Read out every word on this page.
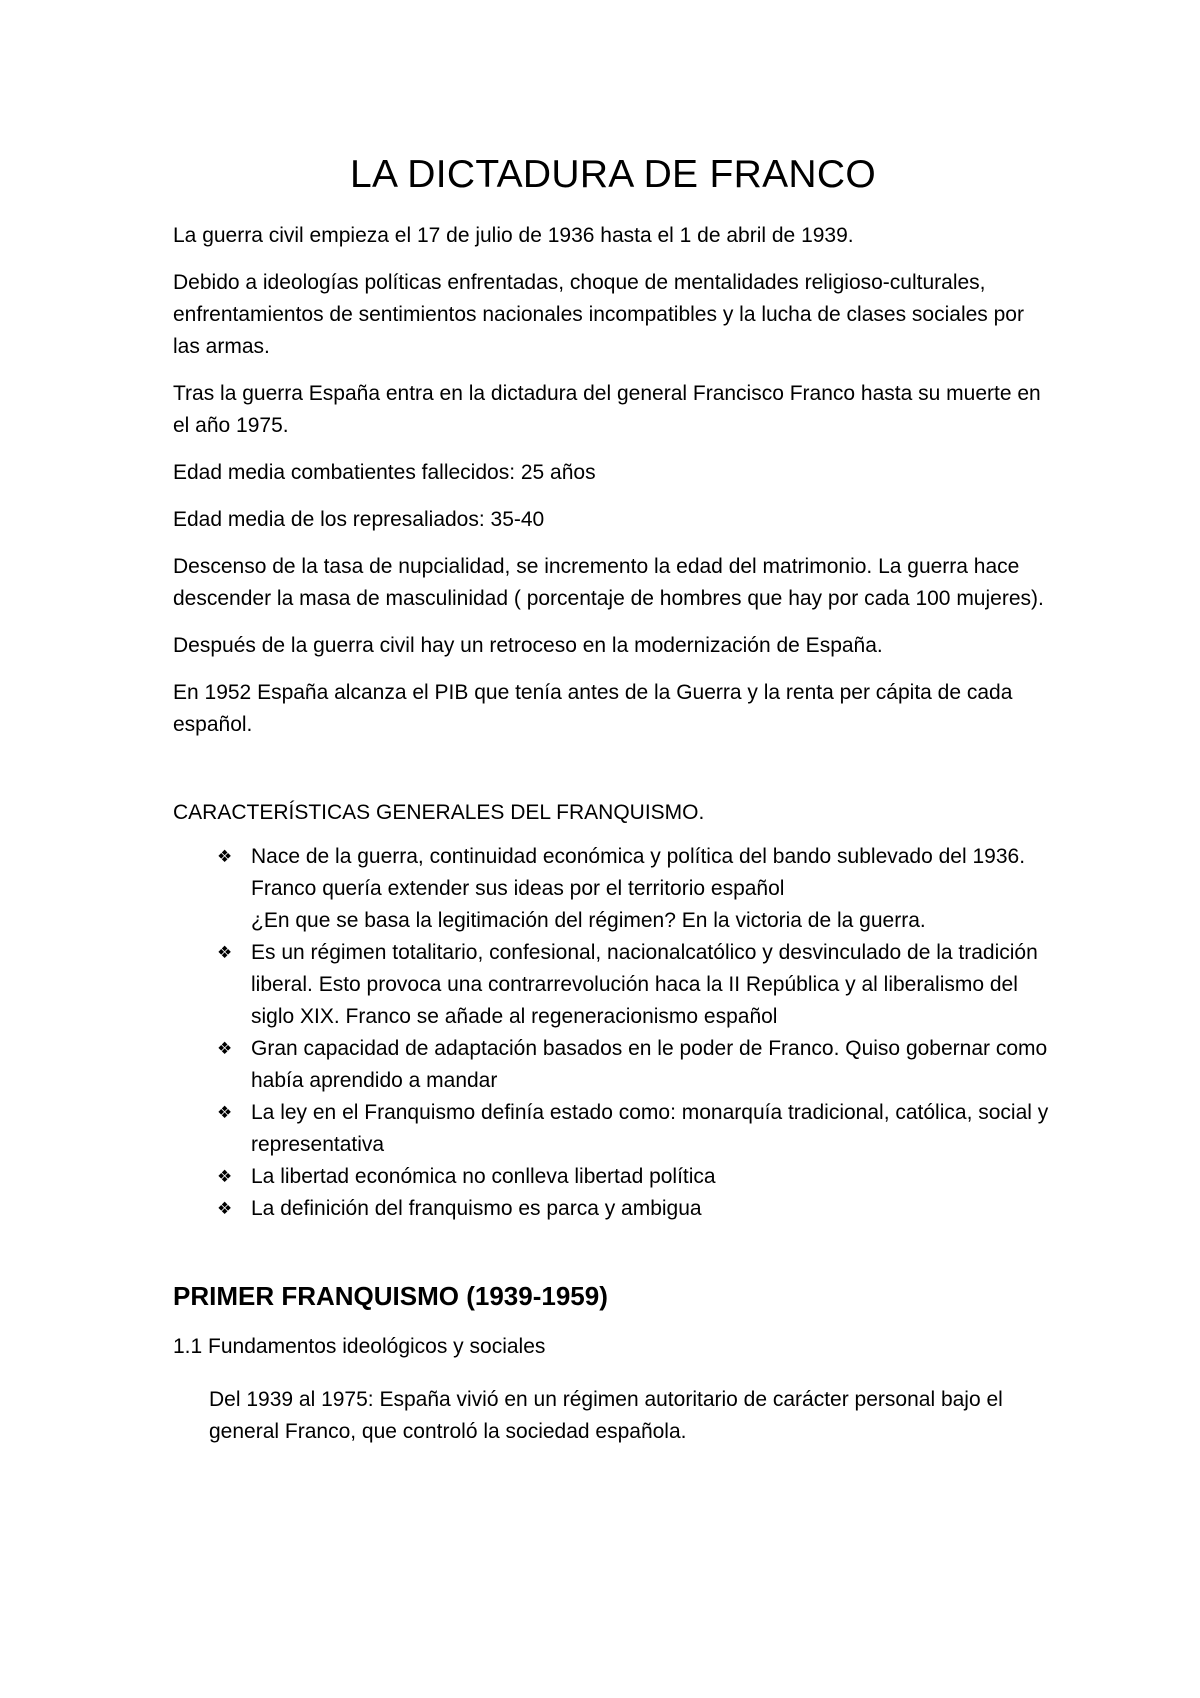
LA DICTADURA DE FRANCO

La guerra civil empieza el 17 de julio de 1936 hasta el 1 de abril de 1939.

Debido a ideologías políticas enfrentadas, choque de mentalidades religioso-culturales, enfrentamientos de sentimientos nacionales incompatibles y la lucha de clases sociales por las armas.

Tras la guerra España entra en la dictadura del general Francisco Franco hasta su muerte en el año 1975.

Edad media combatientes fallecidos: 25 años

Edad media de los represaliados: 35-40

Descenso de la tasa de nupcialidad, se incremento la edad del matrimonio. La guerra hace descender la masa de masculinidad ( porcentaje de hombres que hay por cada 100 mujeres).

Después de la guerra civil hay un retroceso en la modernización de España.

En 1952 España alcanza el PIB que tenía antes de la Guerra y la renta per cápita de cada español.

CARACTERÍSTICAS GENERALES DEL FRANQUISMO.

❖ Nace de la guerra, continuidad económica y política del bando sublevado del 1936. Franco quería extender sus ideas por el territorio español
¿En que se basa la legitimación del régimen? En la victoria de la guerra.
❖ Es un régimen totalitario, confesional, nacionalcatólico y desvinculado de la tradición liberal. Esto provoca una contrarrevolución haca la II República y al liberalismo del siglo XIX. Franco se añade al regeneracionismo español
❖ Gran capacidad de adaptación basados en le poder de Franco. Quiso gobernar como había aprendido a mandar
❖ La ley en el Franquismo definía estado como: monarquía tradicional, católica, social y representativa
❖ La libertad económica no conlleva libertad política
❖ La definición del franquismo es parca y ambigua
PRIMER FRANQUISMO (1939-1959)

1.1 Fundamentos ideológicos y sociales

Del 1939 al 1975: España vivió en un régimen autoritario de carácter personal bajo el general Franco, que controló la sociedad española.
